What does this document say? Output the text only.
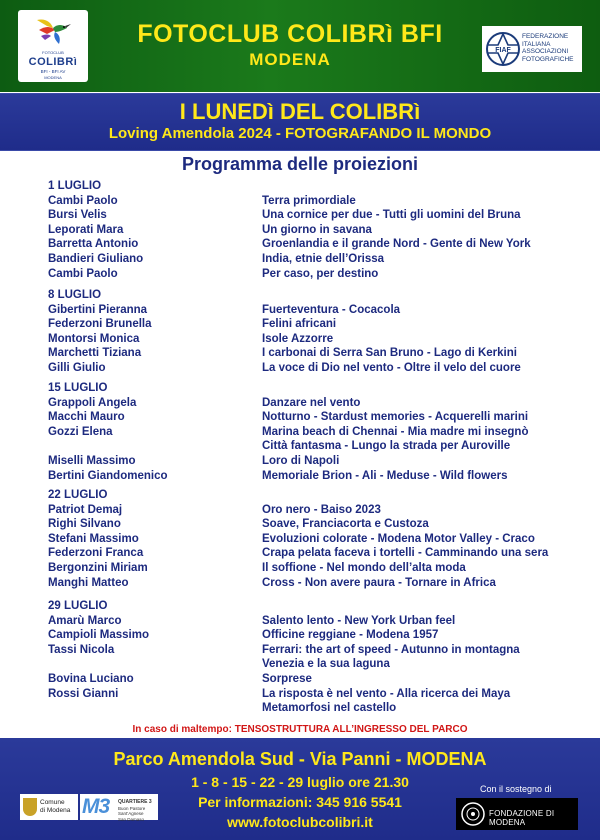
FOTOCLUB
COLIBRì
BFI - BFI AV
MODENA
FOTOCLUB COLIBRì BFI
MODENA	FIAF
FEDERAZIONE
ITALIANA
ASSOCIAZIONI
FOTOGRAFICHE
I LUNEDì DEL COLIBRì
Loving Amendola 2024 - FOTOGRAFANDO IL MONDO
Programma delle proiezioni
1 LUGLIO
Cambi Paolo	Terra primordiale
Bursi Velis	Una cornice per due - Tutti gli uomini del Bruna
Leporati Mara	Un giorno in savana
Barretta Antonio	Groenlandia e il grande Nord - Gente di New York
Bandieri Giuliano	India, etnie dell’Orissa
Cambi Paolo	Per caso, per destino
8 LUGLIO
Gibertini Pieranna	Fuerteventura - Cocacola
Federzoni Brunella	Felini africani
Montorsi Monica	Isole Azzorre
Marchetti Tiziana	I carbonai di Serra San Bruno - Lago di Kerkini
Gilli Giulio	La voce di Dio nel vento - Oltre il velo del cuore
15 LUGLIO
Grappoli Angela	Danzare nel vento
Macchi Mauro	Notturno - Stardust memories - Acquerelli marini
Gozzi Elena	Marina beach di Chennai - Mia madre mi insegnò
Città fantasma - Lungo la strada per Auroville
Miselli Massimo	Loro di Napoli
Bertini Giandomenico	Memoriale Brion - Ali - Meduse - Wild flowers
22 LUGLIO
Patriot Demaj	Oro nero - Baiso 2023
Righi Silvano	Soave, Franciacorta e Custoza
Stefani Massimo	Evoluzioni colorate - Modena Motor Valley - Craco
Federzoni Franca	Crapa pelata faceva i tortelli - Camminando una sera
Bergonzini Miriam	Il soffione - Nel mondo dell’alta moda
Manghi Matteo	Cross - Non avere paura - Tornare in Africa
29 LUGLIO
Amarù Marco	Salento lento - New York Urban feel
Campioli Massimo	Officine reggiane - Modena 1957
Tassi Nicola	Ferrari: the art of speed - Autunno in montagna
Venezia e la sua laguna
Bovina Luciano	Sorprese
Rossi Gianni	La risposta è nel vento - Alla ricerca dei Maya
Metamorfosi nel castello
In caso di maltempo: TENSOSTRUTTURA ALL’INGRESSO DEL PARCO
Parco Amendola Sud - Via Panni - MODENA
1 - 8 - 15 - 22 - 29 luglio ore 21.30
Per informazioni: 345 916 5541
www.fotoclubcolibri.it
Comune
di Modena M3 QUARTIERE 3
Buon Pastore
Sant’Agnese
San Damaso
Con il sostegno di
FONDAZIONE DI MODENA
